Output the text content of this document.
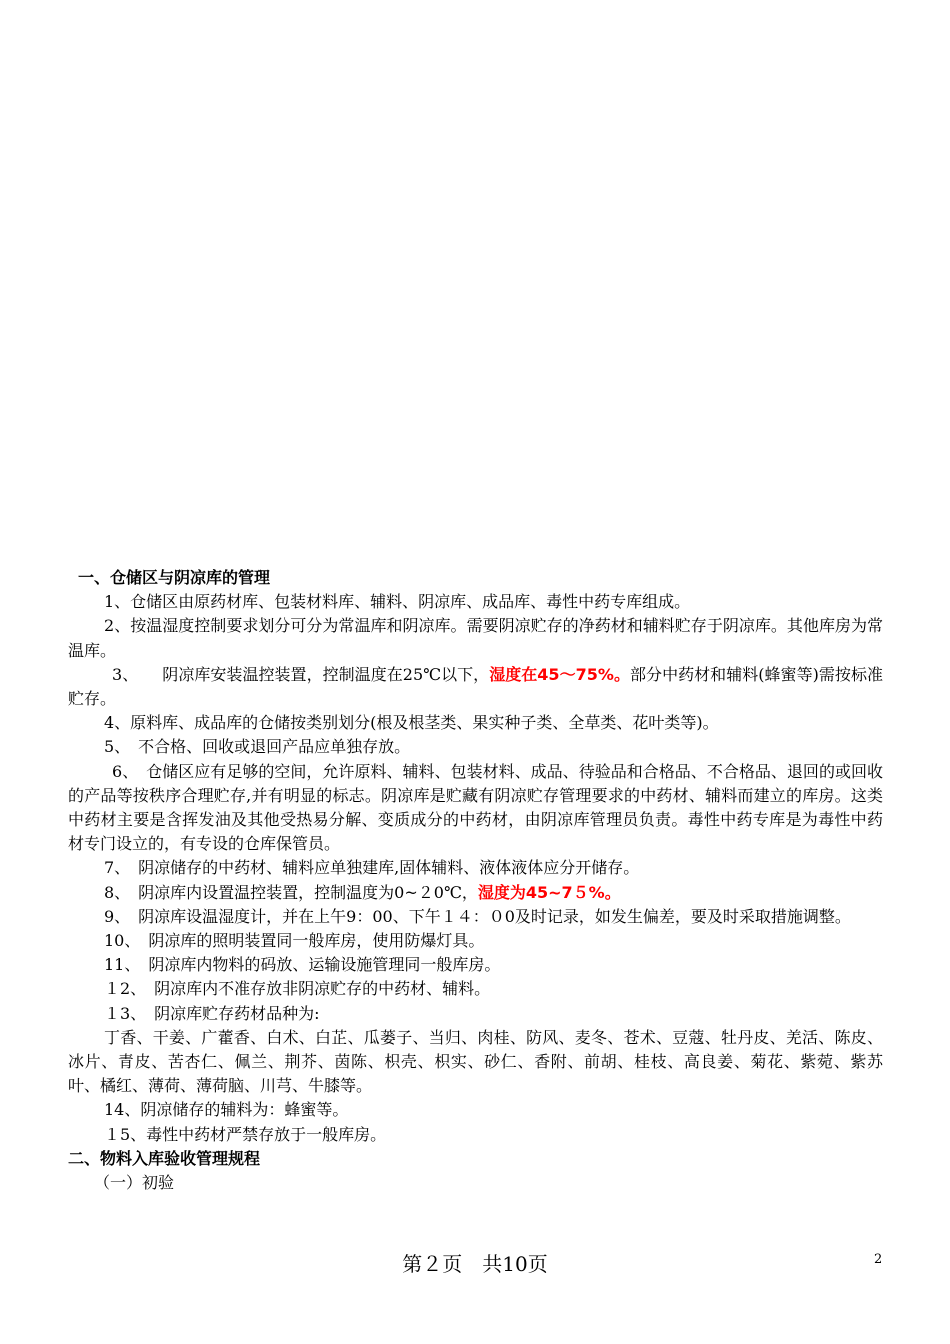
一、仓储区与阴凉库的管理

1、仓储区由原药材库、包装材料库、辅料、阴凉库、成品库、毒性中药专库组成。

2、按温湿度控制要求划分可分为常温库和阴凉库。需要阴凉贮存的净药材和辅料贮存于阴凉库。其他库房为常温库。

3、　　阴凉库安装温控装置，控制温度在25℃以下，湿度在45～75%。部分中药材和辅料(蜂蜜等)需按标准贮存。

4、原料库、成品库的仓储按类别划分(根及根茎类、果实种子类、全草类、花叶类等)。

5、　不合格、回收或退回产品应单独存放。

6、　仓储区应有足够的空间，允许原料、辅料、包装材料、成品、待验品和合格品、不合格品、退回的或回收的产品等按秩序合理贮存,并有明显的标志。阴凉库是贮藏有阴凉贮存管理要求的中药材、辅料而建立的库房。这类中药材主要是含挥发油及其他受热易分解、变质成分的中药材，由阴凉库管理员负责。毒性中药专库是为毒性中药材专门设立的，有专设的仓库保管员。

7、　阴凉储存的中药材、辅料应单独建库,固体辅料、液体液体应分开储存。

8、　阴凉库内设置温控装置，控制温度为0~２0℃，湿度为45~7５%。

9、　阴凉库设温湿度计，并在上午9：00、下午１４：０0及时记录，如发生偏差，要及时采取措施调整。

10、　阴凉库的照明装置同一般库房，使用防爆灯具。

11、　阴凉库内物料的码放、运输设施管理同一般库房。

１2、　阴凉库内不准存放非阴凉贮存的中药材、辅料。

１3、　阴凉库贮存药材品种为:

丁香、干姜、广藿香、白术、白芷、瓜蒌子、当归、肉桂、防风、麦冬、苍术、豆蔻、牡丹皮、羌活、陈皮、冰片、青皮、苦杏仁、佩兰、荆芥、茵陈、枳壳、枳实、砂仁、香附、前胡、桂枝、高良姜、菊花、紫菀、紫苏叶、橘红、薄荷、薄荷脑、川芎、牛膝等。

14、阴凉储存的辅料为：蜂蜜等。

１5、毒性中药材严禁存放于一般库房。

二、物料入库验收管理规程

（一）初验

第２页　共10页	2
